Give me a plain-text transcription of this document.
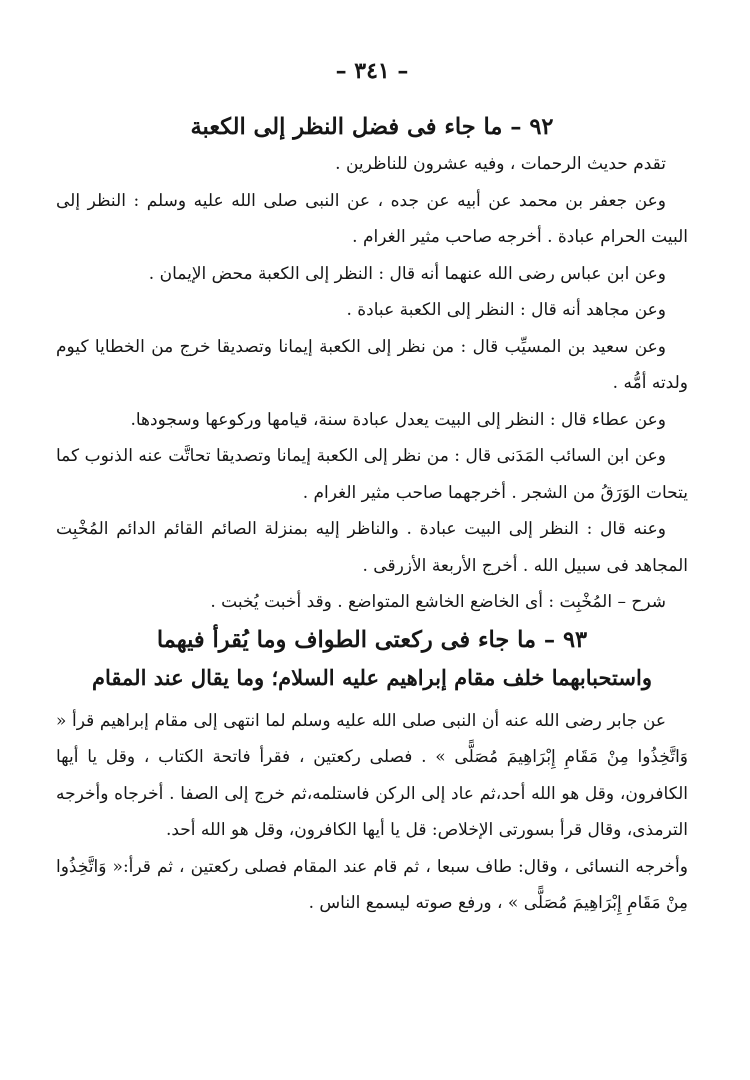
– ٣٤١ –
٩٢ – ما جاء فى فضل النظر إلى الكعبة

تقدم حديث الرحمات ، وفيه عشرون للناظرين .

وعن جعفر بن محمد عن أبيه عن جده ، عن النبى صلى الله عليه وسلم : النظر إلى البيت الحرام عبادة . أخرجه صاحب مثير الغرام .

وعن ابن عباس رضى الله عنهما أنه قال : النظر إلى الكعبة محض الإيمان .

وعن مجاهد أنه قال : النظر إلى الكعبة عبادة .

وعن سعيد بن المسيِّب قال : من نظر إلى الكعبة إيمانا وتصديقا خرج من الخطايا كيوم ولدته أمُّه .

وعن عطاء قال : النظر إلى البيت يعدل عبادة سنة، قيامها وركوعها وسجودها.

وعن ابن السائب المَدَنى قال : من نظر إلى الكعبة إيمانا وتصديقا تحاتَّت عنه الذنوب كما يتحات الوَرَقُ من الشجر . أخرجهما صاحب مثير الغرام .

وعنه قال : النظر إلى البيت عبادة . والناظر إليه بمنزلة الصائم القائم الدائم المُخْبِت المجاهد فى سبيل الله . أخرج الأربعة الأزرقى .

شرح – المُخْبِت : أى الخاضع الخاشع المتواضع . وقد أخبت يُخبت .

٩٣ – ما جاء فى ركعتى الطواف وما يُقرأ فيهما
واستحبابهما خلف مقام إبراهيم عليه السلام؛ وما يقال عند المقام

عن جابر رضى الله عنه أن النبى صلى الله عليه وسلم لما انتهى إلى مقام إبراهيم قرأ « وَاتَّخِذُوا مِنْ مَقَامِ إِبْرَاهِيمَ مُصَلًّى » . فصلى ركعتين ، فقرأ فاتحة الكتاب ، وقل يا أيها الكافرون، وقل هو الله أحد،ثم عاد إلى الركن فاستلمه،ثم خرج إلى الصفا . أخرجاه وأخرجه الترمذى، وقال قرأ بسورتى الإخلاص: قل يا أيها الكافرون، وقل هو الله أحد.

وأخرجه النسائى ، وقال: طاف سبعا ، ثم قام عند المقام فصلى ركعتين ، ثم قرأ:« وَاتَّخِذُوا مِنْ مَقَامِ إِبْرَاهِيمَ مُصَلًّى » ، ورفع صوته ليسمع الناس .
